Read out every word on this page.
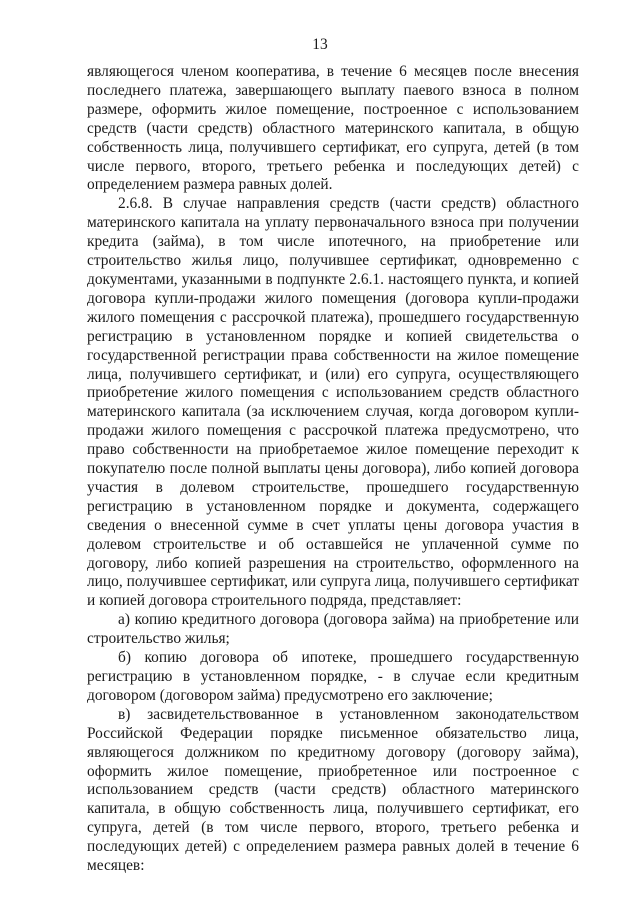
13

являющегося членом кооператива, в течение 6 месяцев после внесения последнего платежа, завершающего выплату паевого взноса в полном размере, оформить жилое помещение, построенное с использованием средств (части средств) областного материнского капитала, в общую собственность лица, получившего сертификат, его супруга, детей (в том числе первого, второго, третьего ребенка и последующих детей) с определением размера равных долей.

2.6.8. В случае направления средств (части средств) областного материнского капитала на уплату первоначального взноса при получении кредита (займа), в том числе ипотечного, на приобретение или строительство жилья лицо, получившее сертификат, одновременно с документами, указанными в подпункте 2.6.1. настоящего пункта, и копией договора купли-продажи жилого помещения (договора купли-продажи жилого помещения с рассрочкой платежа), прошедшего государственную регистрацию в установленном порядке и копией свидетельства о государственной регистрации права собственности на жилое помещение лица, получившего сертификат, и (или) его супруга, осуществляющего приобретение жилого помещения с использованием средств областного материнского капитала (за исключением случая, когда договором купли-продажи жилого помещения с рассрочкой платежа предусмотрено, что право собственности на приобретаемое жилое помещение переходит к покупателю после полной выплаты цены договора), либо копией договора участия в долевом строительстве, прошедшего государственную регистрацию в установленном порядке и документа, содержащего сведения о внесенной сумме в счет уплаты цены договора участия в долевом строительстве и об оставшейся не уплаченной сумме по договору, либо копией разрешения на строительство, оформленного на лицо, получившее сертификат, или супруга лица, получившего сертификат и копией договора строительного подряда, представляет:

а) копию кредитного договора (договора займа) на приобретение или строительство жилья;

б) копию договора об ипотеке, прошедшего государственную регистрацию в установленном порядке, - в случае если кредитным договором (договором займа) предусмотрено его заключение;

в) засвидетельствованное в установленном законодательством Российской Федерации порядке письменное обязательство лица, являющегося должником по кредитному договору (договору займа), оформить жилое помещение, приобретенное или построенное с использованием средств (части средств) областного материнского капитала, в общую собственность лица, получившего сертификат, его супруга, детей (в том числе первого, второго, третьего ребенка и последующих детей) с определением размера равных долей в течение 6 месяцев:
